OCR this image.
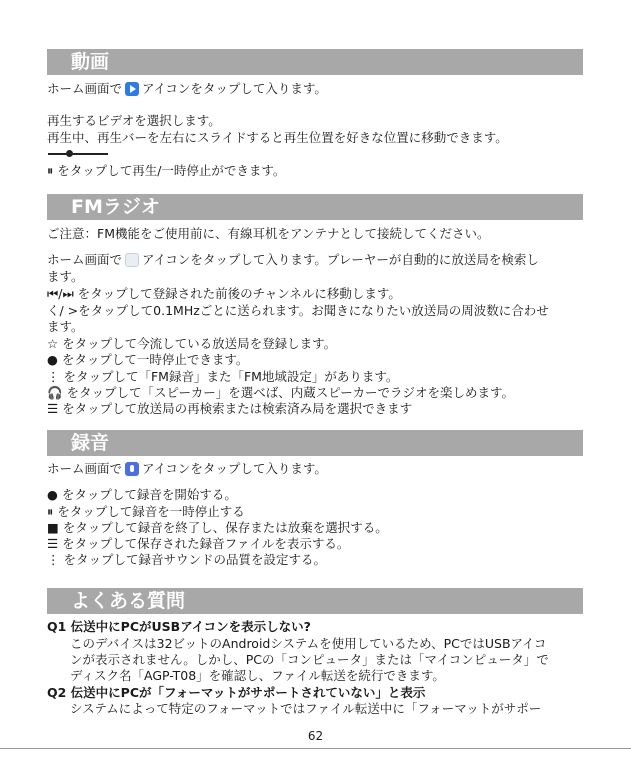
動画
ホーム画面で アイコンをタップして入ります。
再生するビデオを選択します。
再生中、再生バーを左右にスライドすると再生位置を好きな位置に移動できます。
⏸ をタップして再生/一時停止ができます。
FMラジオ
ご注意：FM機能をご使用前に、有線耳机をアンテナとして接続してください。
ホーム画面で アイコンをタップして入ります。プレーヤーが自動的に放送局を検索し
ます。
⏮/⏭ をタップして登録された前後のチャンネルに移動します。
く/ >をタップして0.1MHzごとに送られます。お聞きになりたい放送局の周波数に合わせ
ます。
☆ をタップして今流している放送局を登録します。
● をタップして一時停止できます。
⋮ をタップして「FM録音」また「FM地域設定」があります。
🎧 をタップして「スピーカー」を選べば、内蔵スピーカーでラジオを楽しめます。
☰ をタップして放送局の再検索または検索済み局を選択できます
録音
ホーム画面で アイコンをタップして入ります。
● をタップして録音を開始する。
⏸ をタップして録音を一時停止する
■ をタップして録音を終了し、保存または放棄を選択する。
☰ をタップして保存された録音ファイルを表示する。
⋮ をタップして録音サウンドの品質を設定する。
よくある質問
Q1 伝送中にPCがUSBアイコンを表示しない?
このデバイスは32ビットのAndroidシステムを使用しているため、PCではUSBアイコ
ンが表示されません。しかし、PCの「コンピュータ」または「マイコンピュータ」で
ディスク名「AGP-T08」を確認し、ファイル転送を続行できます。
Q2 伝送中にPCが「フォーマットがサポートされていない」と表示
システムによって特定のフォーマットではファイル転送中に「フォーマットがサポー
62
